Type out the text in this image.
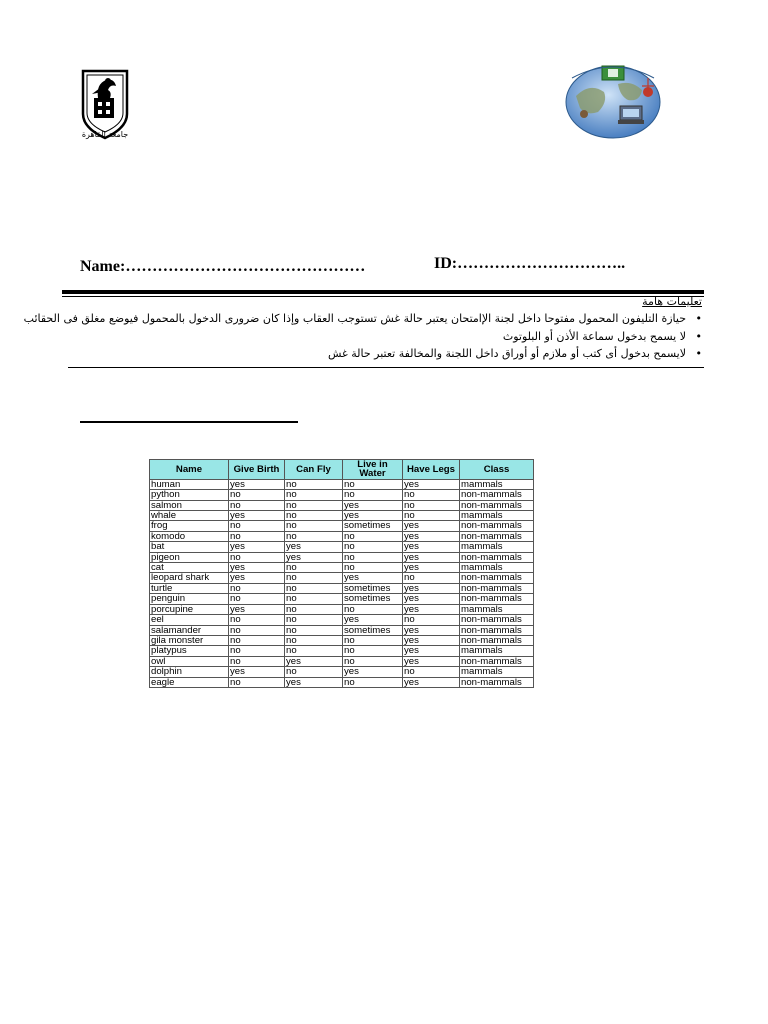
جامعة القاهرة
Name:………………………………………	ID:…………………………..
تعليمات هامة
• حيازة التليفون المحمول مفتوحا داخل لجنة الإامتحان يعتبر حالة غش تستوجب العقاب وإذا كان ضرورى الدخول بالمحمول فيوضع مغلق فى الحقائب
• لا يسمح بدخول سماعة الأذن أو البلوتوث
• لايسمح بدخول أى كتب أو ملازم أو أوراق داخل اللجنة والمخالفة تعتبر حالة غش
Name	Give Birth	Can Fly	Live in Water	Have Legs	Class
human	yes	no	no	yes	mammals
python	no	no	no	no	non-mammals
salmon	no	no	yes	no	non-mammals
whale	yes	no	yes	no	mammals
frog	no	no	sometimes	yes	non-mammals
komodo	no	no	no	yes	non-mammals
bat	yes	yes	no	yes	mammals
pigeon	no	yes	no	yes	non-mammals
cat	yes	no	no	yes	mammals
leopard shark	yes	no	yes	no	non-mammals
turtle	no	no	sometimes	yes	non-mammals
penguin	no	no	sometimes	yes	non-mammals
porcupine	yes	no	no	yes	mammals
eel	no	no	yes	no	non-mammals
salamander	no	no	sometimes	yes	non-mammals
gila monster	no	no	no	yes	non-mammals
platypus	no	no	no	yes	mammals
owl	no	yes	no	yes	non-mammals
dolphin	yes	no	yes	no	mammals
eagle	no	yes	no	yes	non-mammals
